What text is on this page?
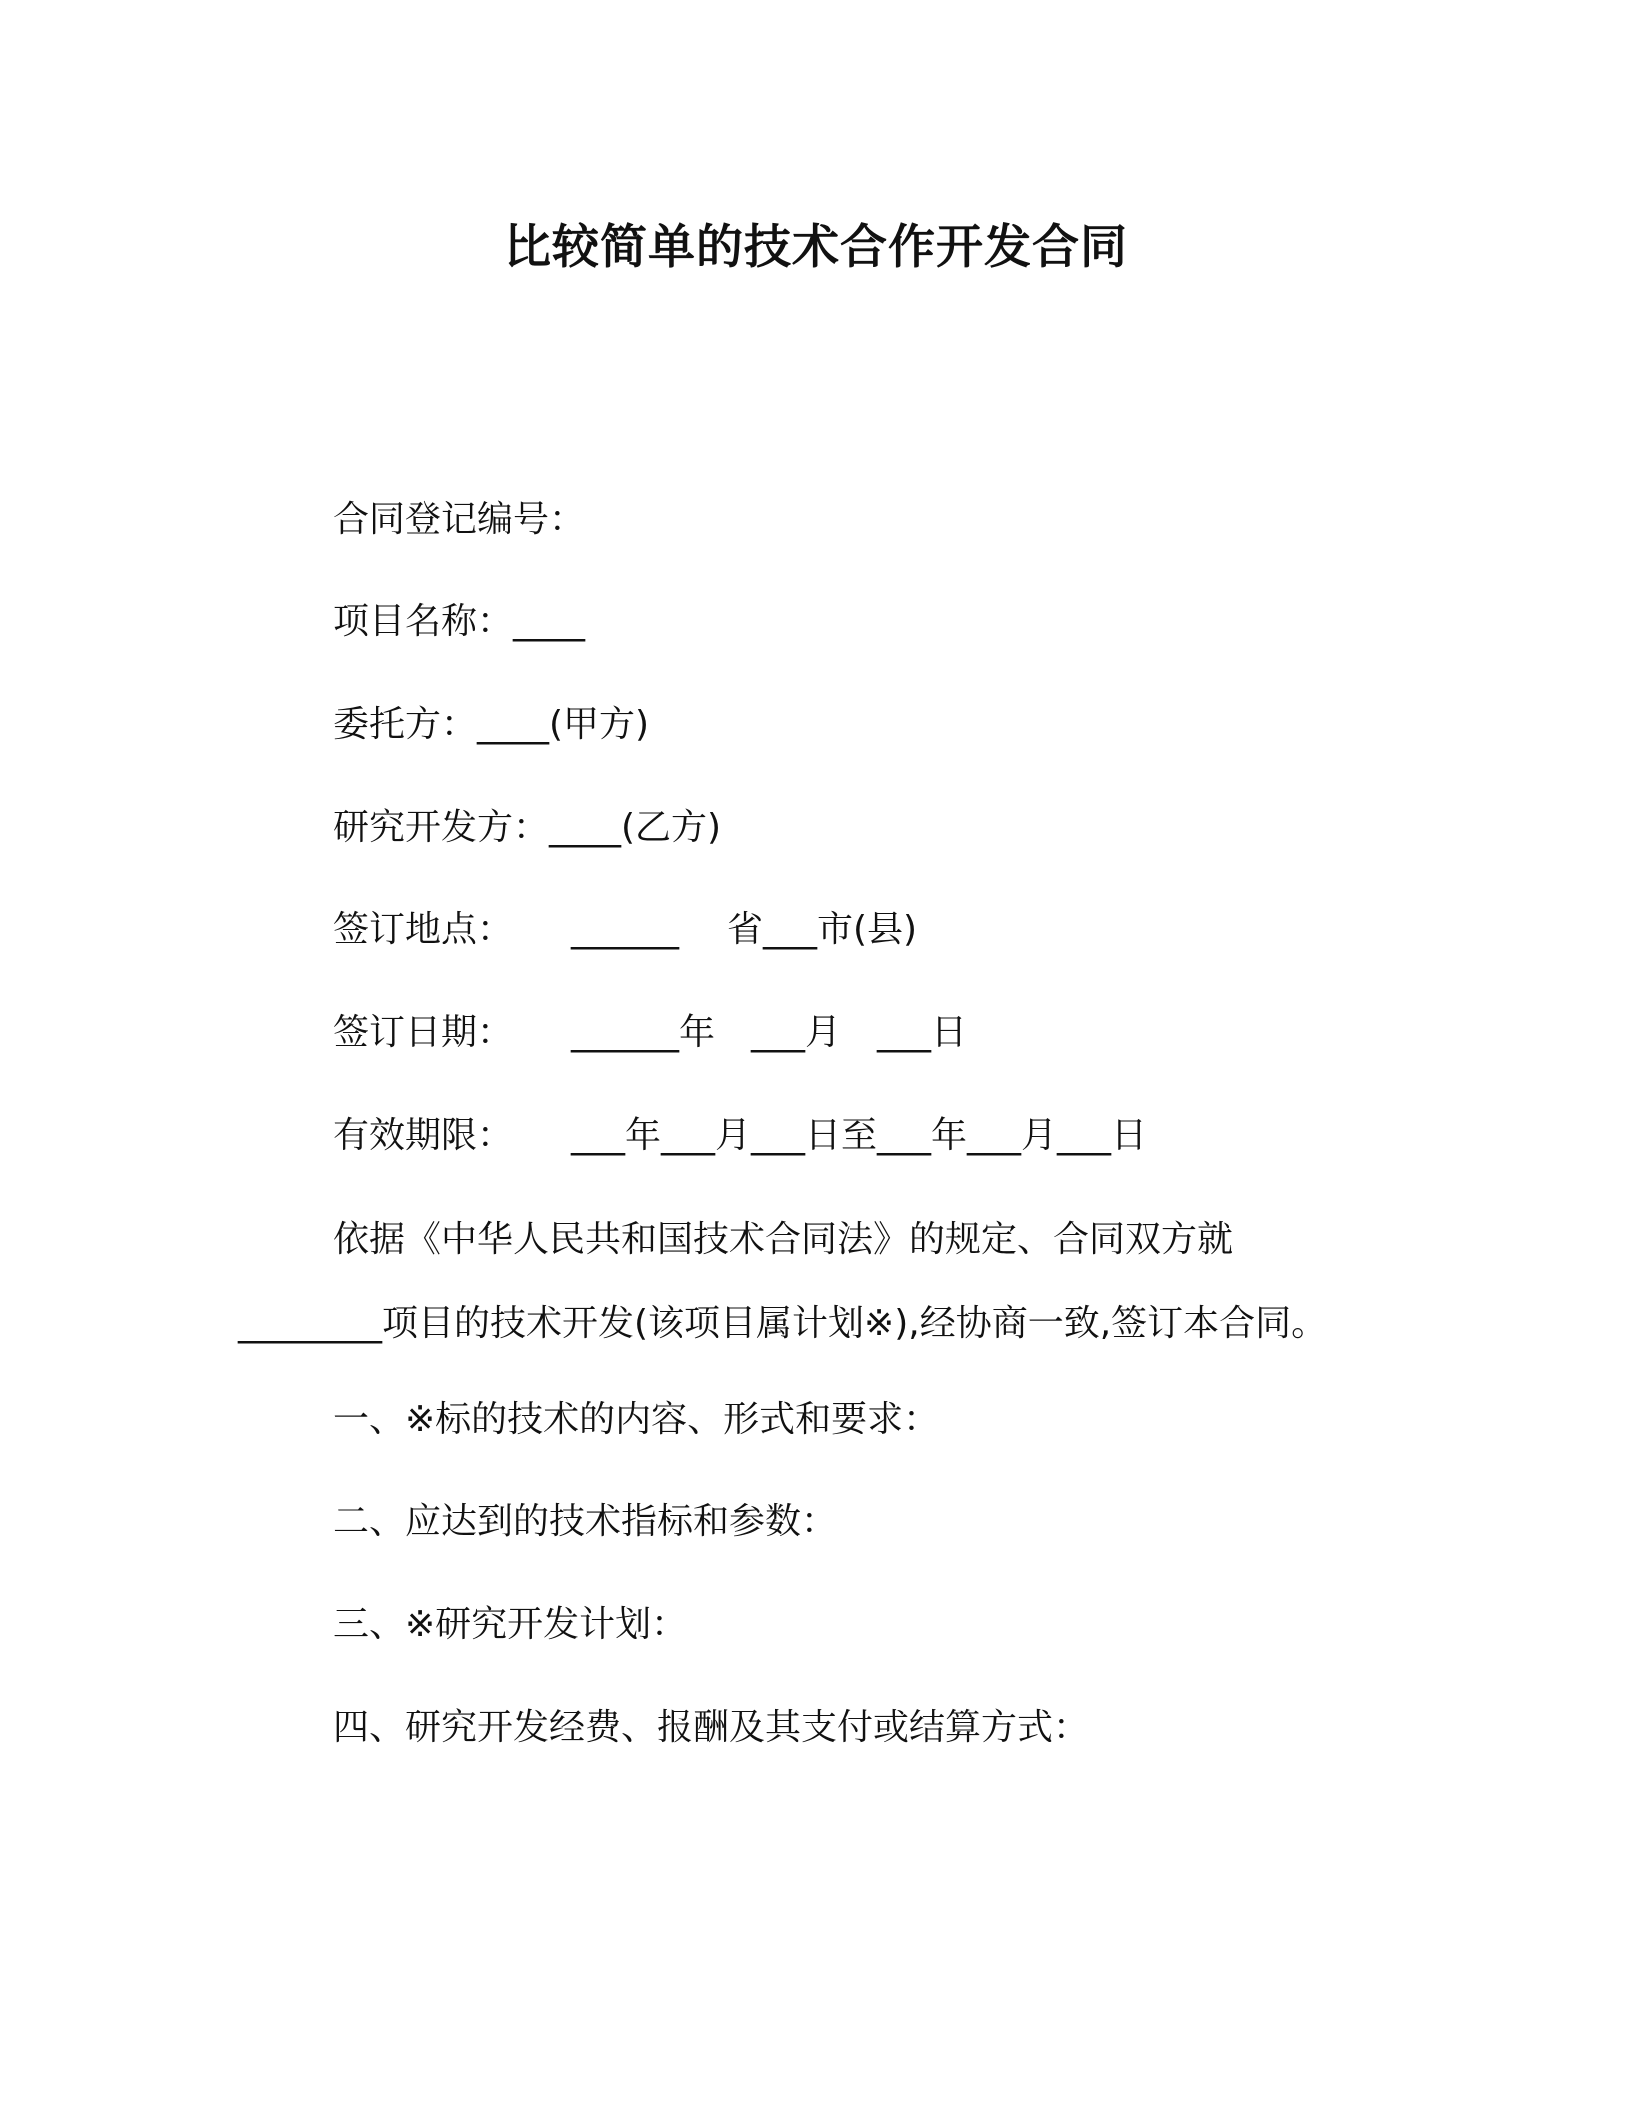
比较简单的技术合作开发合同
合同登记编号：
项目名称：____
委托方：____(甲方)
研究开发方：____(乙方)
签订地点： ______ 省___市(县)
签订日期： ______年 ___月 ___日
有效期限： ___年___月___日至___年___月___日
依据《中华人民共和国技术合同法》的规定、合同双方就
________项目的技术开发(该项目属计划※),经协商一致,签订本合同。
一、※标的技术的内容、形式和要求：
二、应达到的技术指标和参数：
三、※研究开发计划：
四、研究开发经费、报酬及其支付或结算方式：
